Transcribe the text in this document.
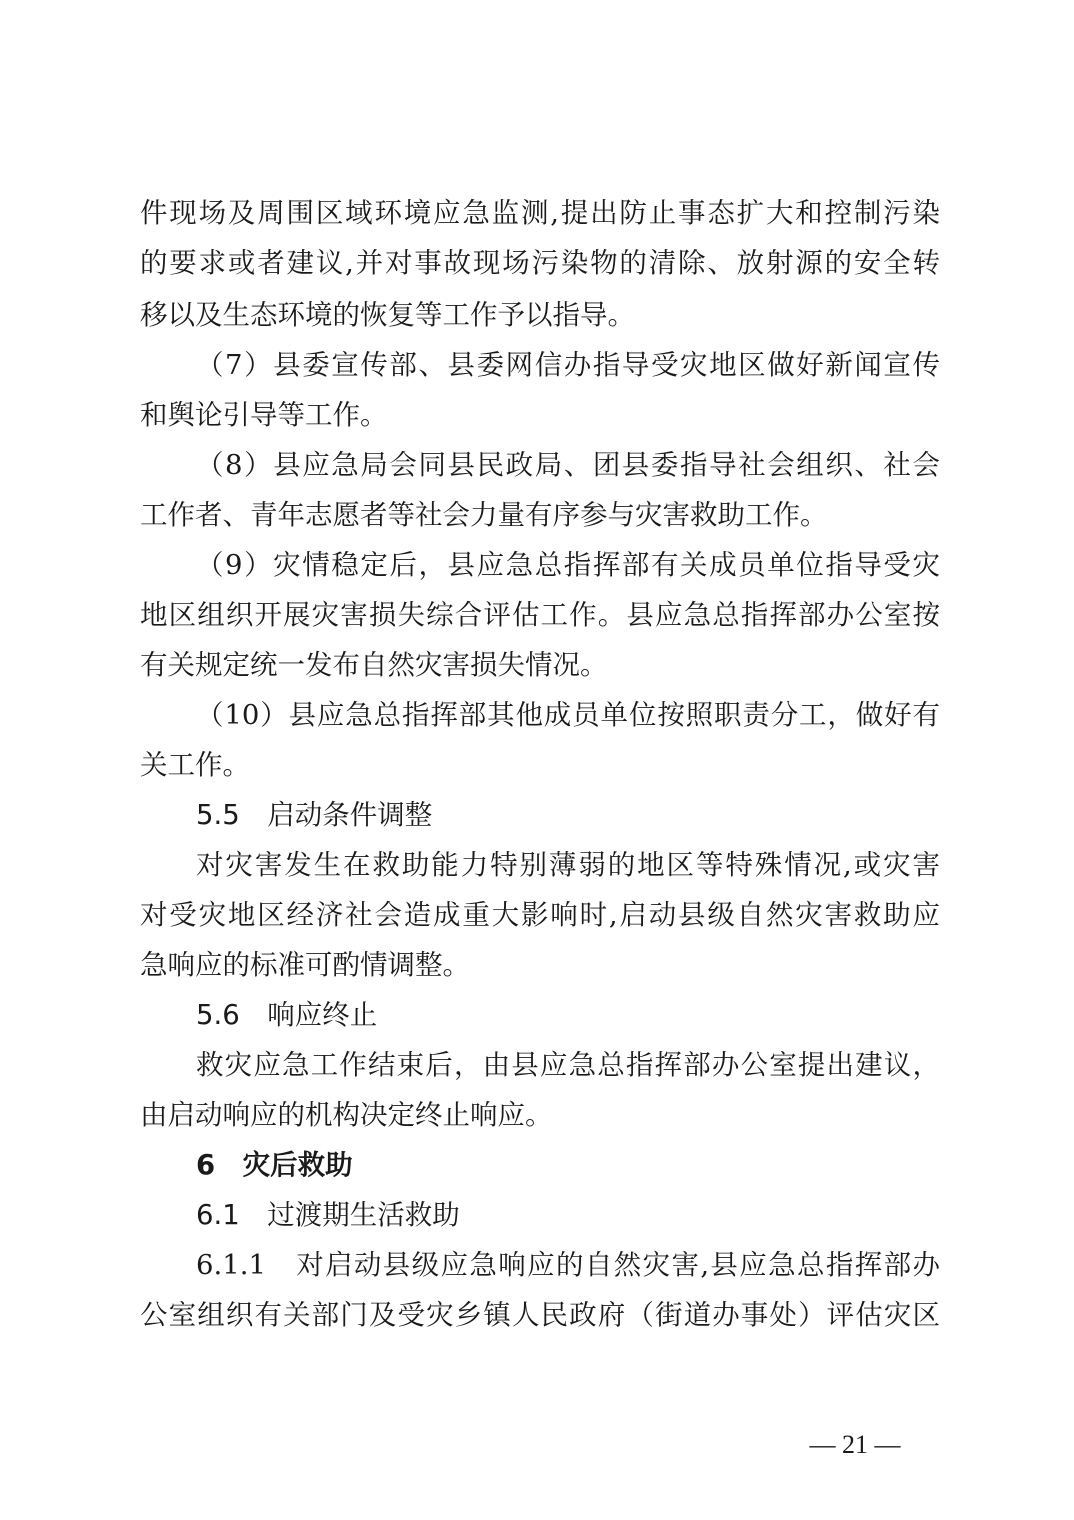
件现场及周围区域环境应急监测,提出防止事态扩大和控制污染
的要求或者建议,并对事故现场污染物的清除、放射源的安全转
移以及生态环境的恢复等工作予以指导。
（7）县委宣传部、县委网信办指导受灾地区做好新闻宣传
和舆论引导等工作。
（8）县应急局会同县民政局、团县委指导社会组织、社会
工作者、青年志愿者等社会力量有序参与灾害救助工作。
（9）灾情稳定后，县应急总指挥部有关成员单位指导受灾
地区组织开展灾害损失综合评估工作。县应急总指挥部办公室按
有关规定统一发布自然灾害损失情况。
（10）县应急总指挥部其他成员单位按照职责分工，做好有
关工作。
5.5　启动条件调整
对灾害发生在救助能力特别薄弱的地区等特殊情况,或灾害
对受灾地区经济社会造成重大影响时,启动县级自然灾害救助应
急响应的标准可酌情调整。
5.6　响应终止
救灾应急工作结束后，由县应急总指挥部办公室提出建议，
由启动响应的机构决定终止响应。
6　灾后救助
6.1　过渡期生活救助
6.1.1　对启动县级应急响应的自然灾害,县应急总指挥部办
公室组织有关部门及受灾乡镇人民政府（街道办事处）评估灾区
— 21 —
